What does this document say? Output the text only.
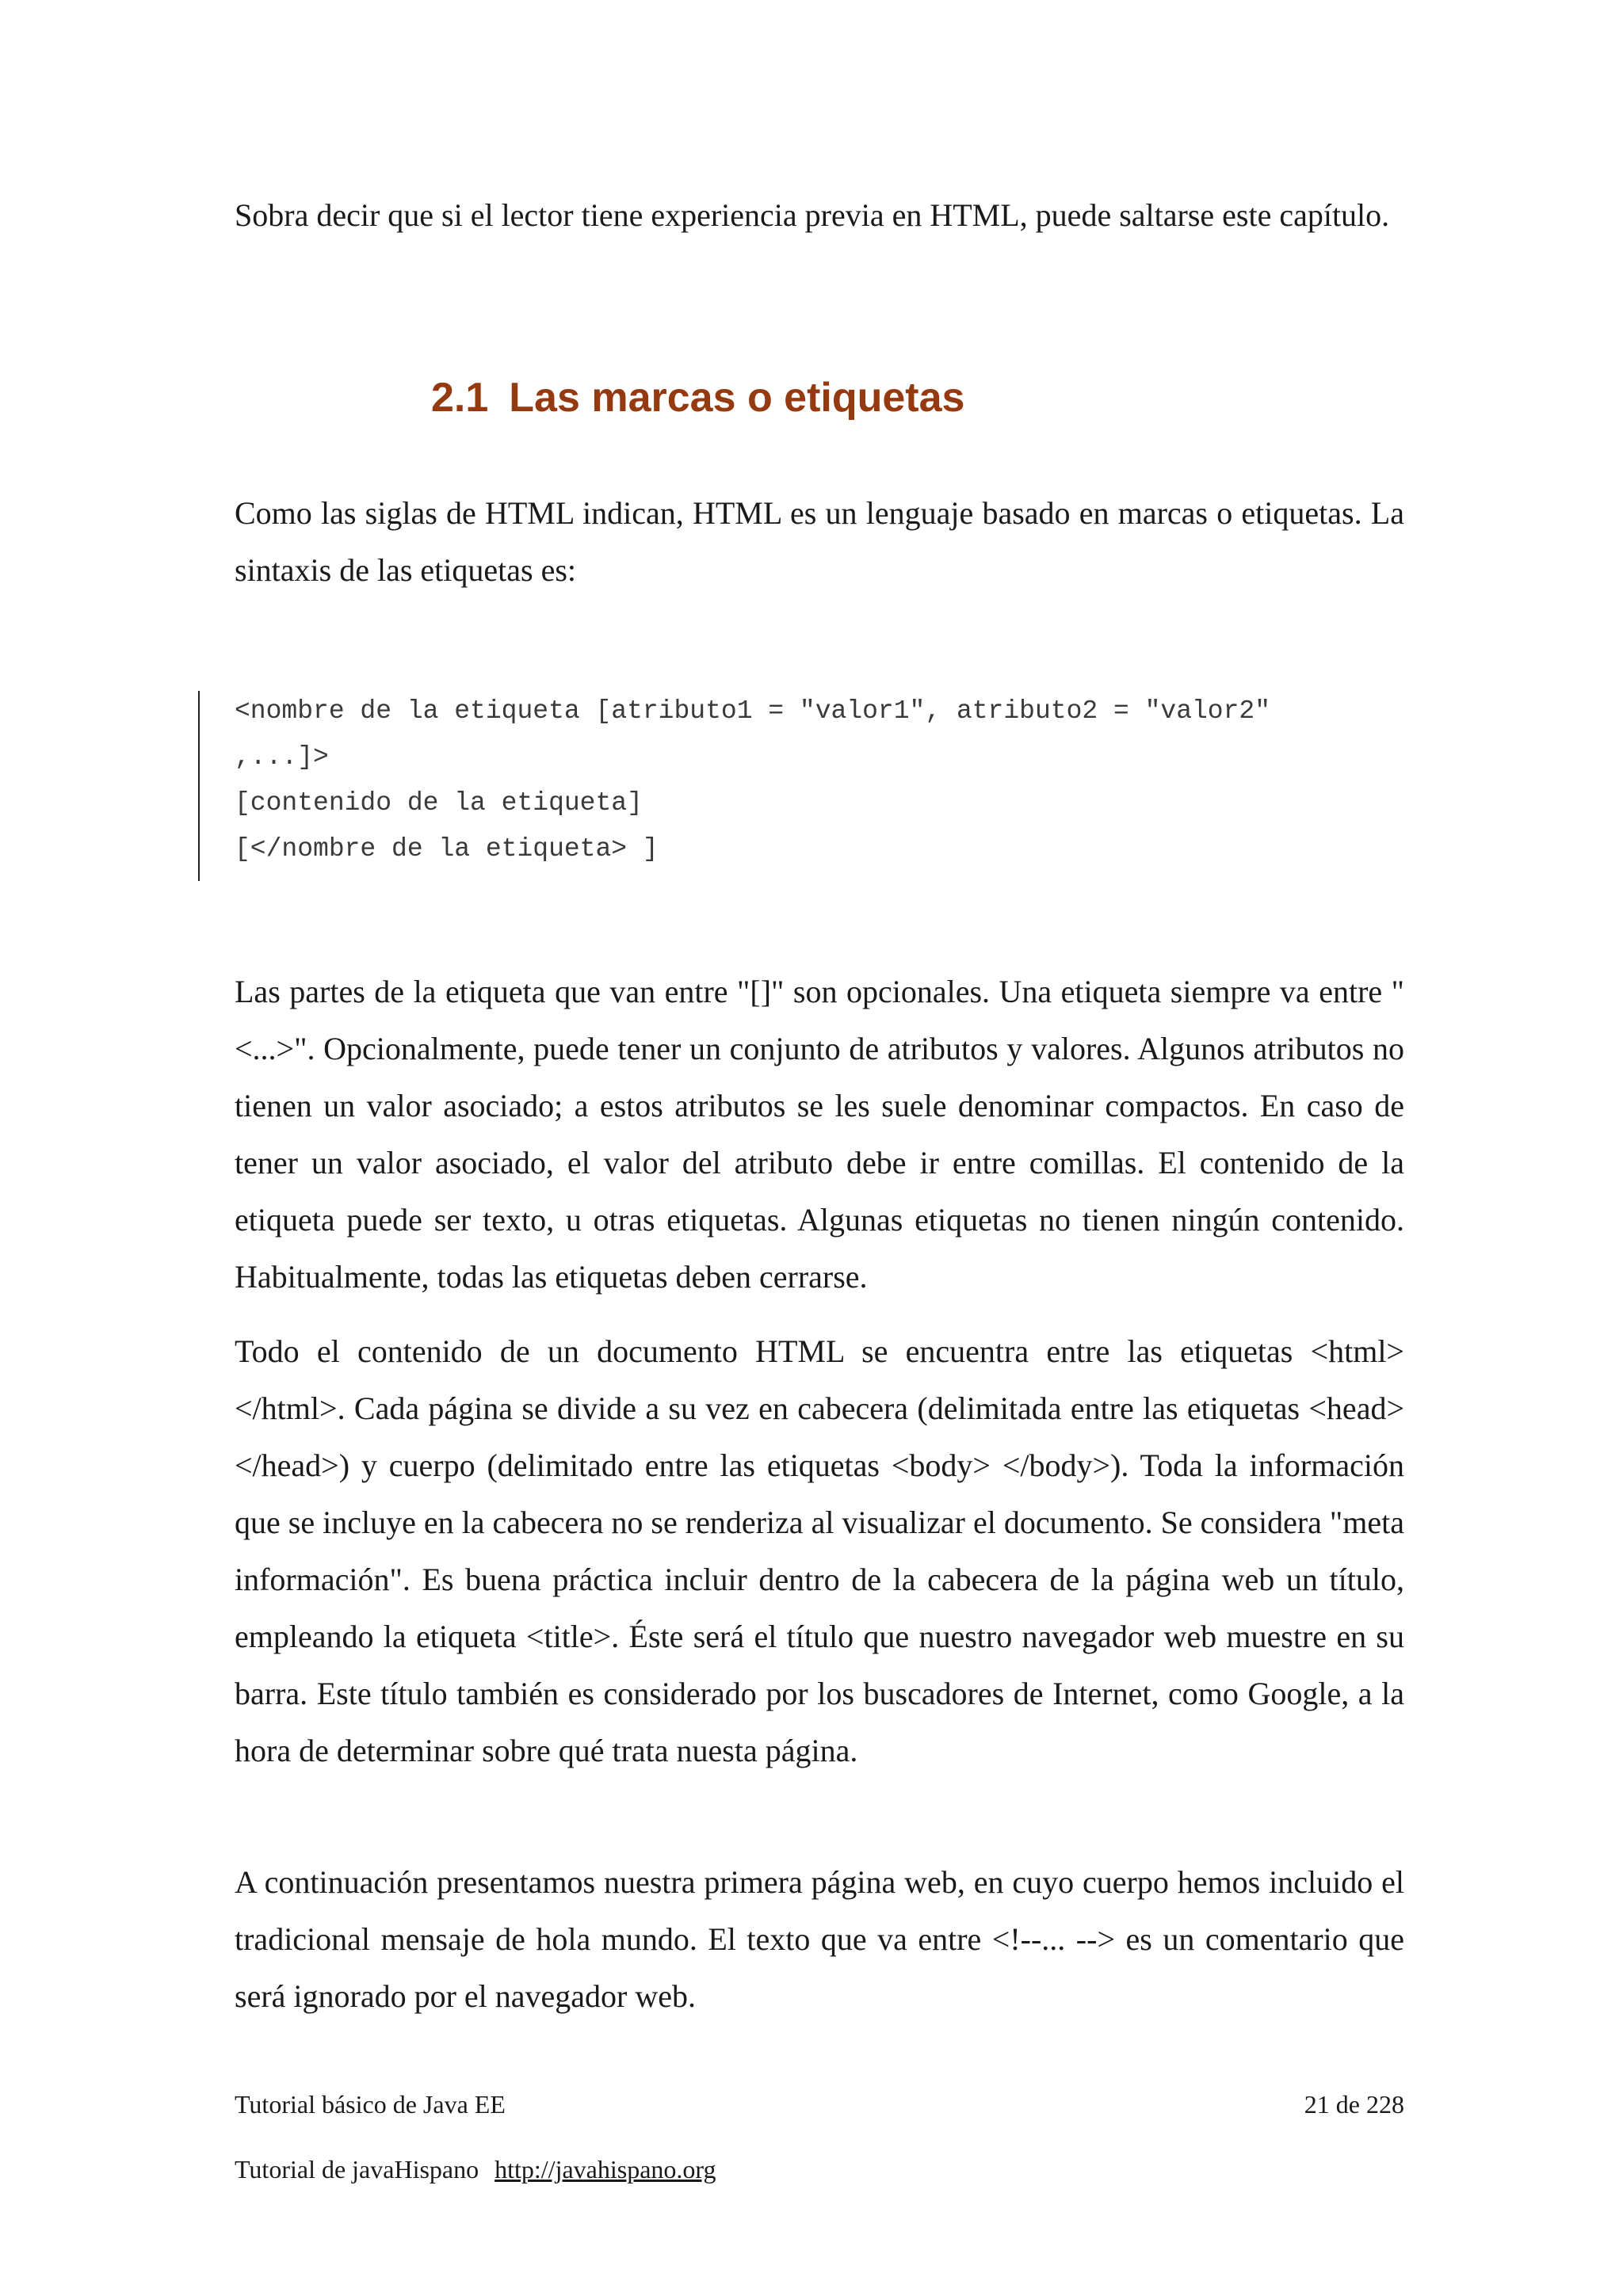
Sobra decir que si el lector tiene experiencia previa en HTML, puede saltarse este capítulo.

2.1 Las marcas o etiquetas

Como las siglas de HTML indican, HTML es un lenguaje basado en marcas o etiquetas. La sintaxis de las etiquetas es:

<nombre de la etiqueta [atributo1 = "valor1", atributo2 = "valor2"
,...]>
[contenido de la etiqueta]
[</nombre de la etiqueta> ]

Las partes de la etiqueta que van entre "[]" son opcionales. Una etiqueta siempre va entre "<...>". Opcionalmente, puede tener un conjunto de atributos y valores. Algunos atributos no tienen un valor asociado; a estos atributos se les suele denominar compactos. En caso de tener un valor asociado, el valor del atributo debe ir entre comillas. El contenido de la etiqueta puede ser texto, u otras etiquetas. Algunas etiquetas no tienen ningún contenido. Habitualmente, todas las etiquetas deben cerrarse.

Todo el contenido de un documento HTML se encuentra entre las etiquetas <html> </html>. Cada página se divide a su vez en cabecera (delimitada entre las etiquetas <head> </head>) y cuerpo (delimitado entre las etiquetas <body> </body>). Toda la información que se incluye en la cabecera no se renderiza al visualizar el documento. Se considera "meta información". Es buena práctica incluir dentro de la cabecera de la página web un título, empleando la etiqueta <title>. Éste será el título que nuestro navegador web muestre en su barra. Este título también es considerado por los buscadores de Internet, como Google, a la hora de determinar sobre qué trata nuesta página.

A continuación presentamos nuestra primera página web, en cuyo cuerpo hemos incluido el tradicional mensaje de hola mundo. El texto que va entre <!--... --> es un comentario que será ignorado por el navegador web.

Tutorial básico de Java EE	21 de 228
Tutorial de javaHispano http://javahispano.org
